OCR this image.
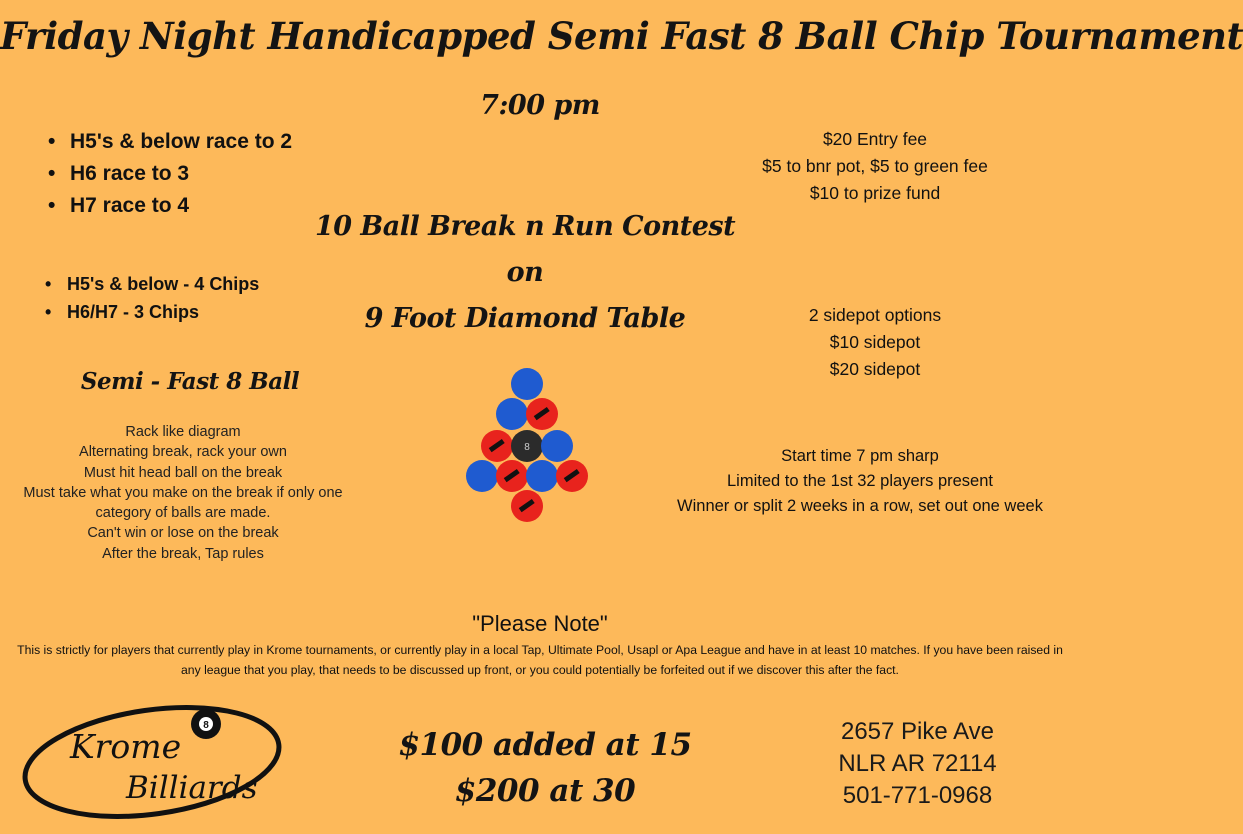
Friday Night Handicapped Semi Fast 8 Ball Chip Tournament
7:00 pm
• H5's & below race to 2
• H6 race to 3
• H7 race to 4
• H5's & below - 4 Chips
• H6/H7 - 3 Chips
$20 Entry fee
$5 to bnr pot, $5 to green fee
$10 to prize fund
10 Ball Break n Run Contest on
9 Foot Diamond Table	2 sidepot options
$10 sidepot
$20 sidepot
Semi - Fast 8 Ball
Rack like diagram
Alternating break, rack your own
Must hit head ball on the break
Must take what you make on the break if only one
category of balls are made.
Can't win or lose on the break
After the break, Tap rules
8	Start time 7 pm sharp
Limited to the 1st 32 players present
Winner or split 2 weeks in a row, set out one week
"Please Note"
This is strictly for players that currently play in Krome tournaments, or currently play in a local Tap, Ultimate Pool, Usapl or Apa League and have in at least 10 matches. If you have been raised in any league that you play, that needs to be discussed up front, or you could potentially be forfeited out if we discover this after the fact.
8
Krome
Billiards
$100 added at 15
$200 at 30
2657 Pike Ave
NLR AR 72114
501-771-0968
